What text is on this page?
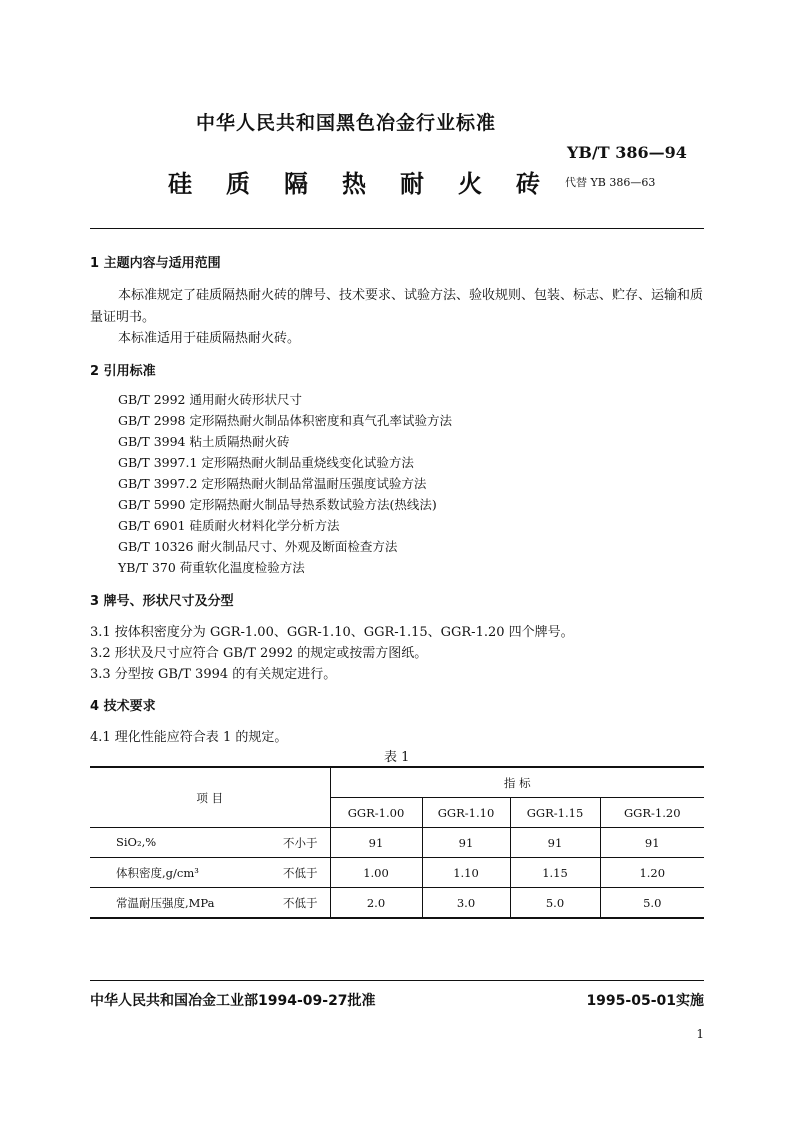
中华人民共和国黑色冶金行业标准
YB/T 386—94
硅质隔热耐火砖
代替 YB 386—63
1 主题内容与适用范围
本标准规定了硅质隔热耐火砖的牌号、技术要求、试验方法、验收规则、包装、标志、贮存、运输和质
量证明书。
本标准适用于硅质隔热耐火砖。
2 引用标准
GB/T 2992 通用耐火砖形状尺寸
GB/T 2998 定形隔热耐火制品体积密度和真气孔率试验方法
GB/T 3994 粘土质隔热耐火砖
GB/T 3997.1 定形隔热耐火制品重烧线变化试验方法
GB/T 3997.2 定形隔热耐火制品常温耐压强度试验方法
GB/T 5990 定形隔热耐火制品导热系数试验方法(热线法)
GB/T 6901 硅质耐火材料化学分析方法
GB/T 10326 耐火制品尺寸、外观及断面检查方法
YB/T 370 荷重软化温度检验方法
3 牌号、形状尺寸及分型
3.1 按体积密度分为 GGR-1.00、GGR-1.10、GGR-1.15、GGR-1.20 四个牌号。
3.2 形状及尺寸应符合 GB/T 2992 的规定或按需方图纸。
3.3 分型按 GB/T 3994 的有关规定进行。
4 技术要求
4.1 理化性能应符合表 1 的规定。
表 1
项 目	指 标			
	GGR-1.00	GGR-1.10	GGR-1.15	GGR-1.20

SiO₂,% 不小于	91	91	91	91

体积密度,g/cm³ 不低于	1.00	1.10	1.15	1.20

常温耐压强度,MPa 不低于	2.0	3.0	5.0	5.0
中华人民共和国冶金工业部1994-09-27批准	1995-05-01实施
1
